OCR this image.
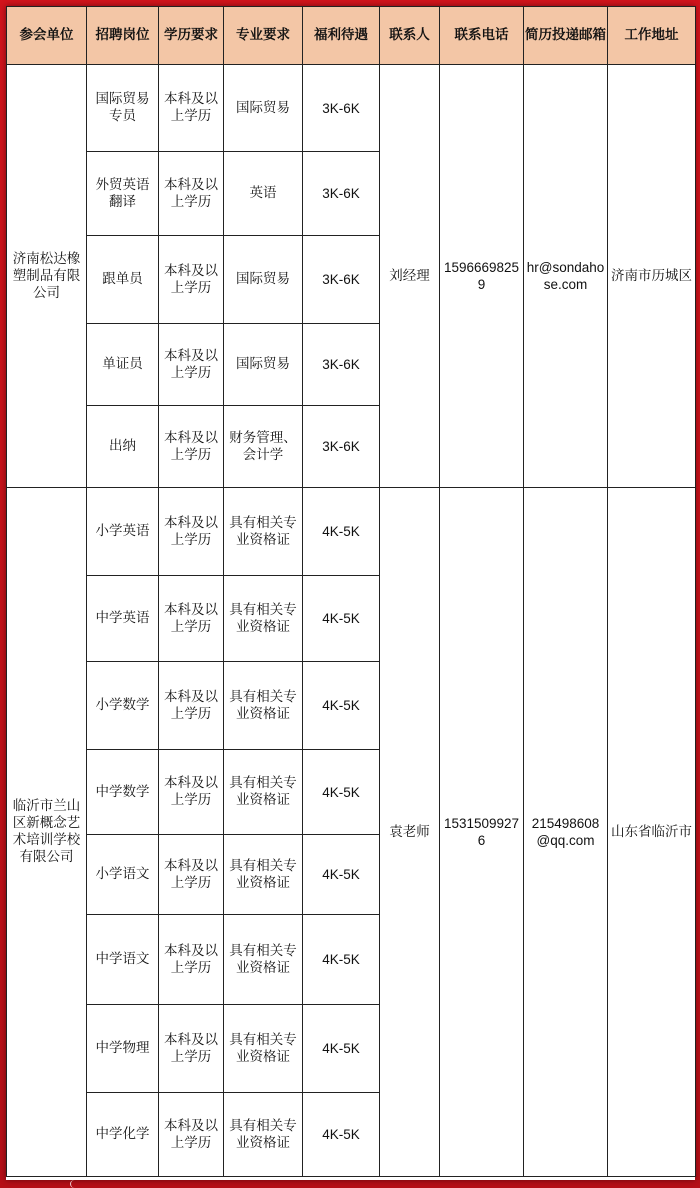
参会单位	招聘岗位	学历要求	专业要求	福利待遇	联系人	联系电话	简历投递邮箱	工作地址
济南松达橡塑制品有限公司	国际贸易专员	本科及以上学历	国际贸易	3K-6K	刘经理	15966698259	hr@sondahose.com	济南市历城区
	外贸英语翻译	本科及以上学历	英语	3K-6K				
	跟单员	本科及以上学历	国际贸易	3K-6K				
	单证员	本科及以上学历	国际贸易	3K-6K				
	出纳	本科及以上学历	财务管理、会计学	3K-6K				
临沂市兰山区新概念艺术培训学校有限公司	小学英语	本科及以上学历	具有相关专业资格证	4K-5K	袁老师	15315099276	215498608@qq.com	山东省临沂市
	中学英语	本科及以上学历	具有相关专业资格证	4K-5K				
	小学数学	本科及以上学历	具有相关专业资格证	4K-5K				
	中学数学	本科及以上学历	具有相关专业资格证	4K-5K				
	小学语文	本科及以上学历	具有相关专业资格证	4K-5K				
	中学语文	本科及以上学历	具有相关专业资格证	4K-5K				
	中学物理	本科及以上学历	具有相关专业资格证	4K-5K				
	中学化学	本科及以上学历	具有相关专业资格证	4K-5K				
